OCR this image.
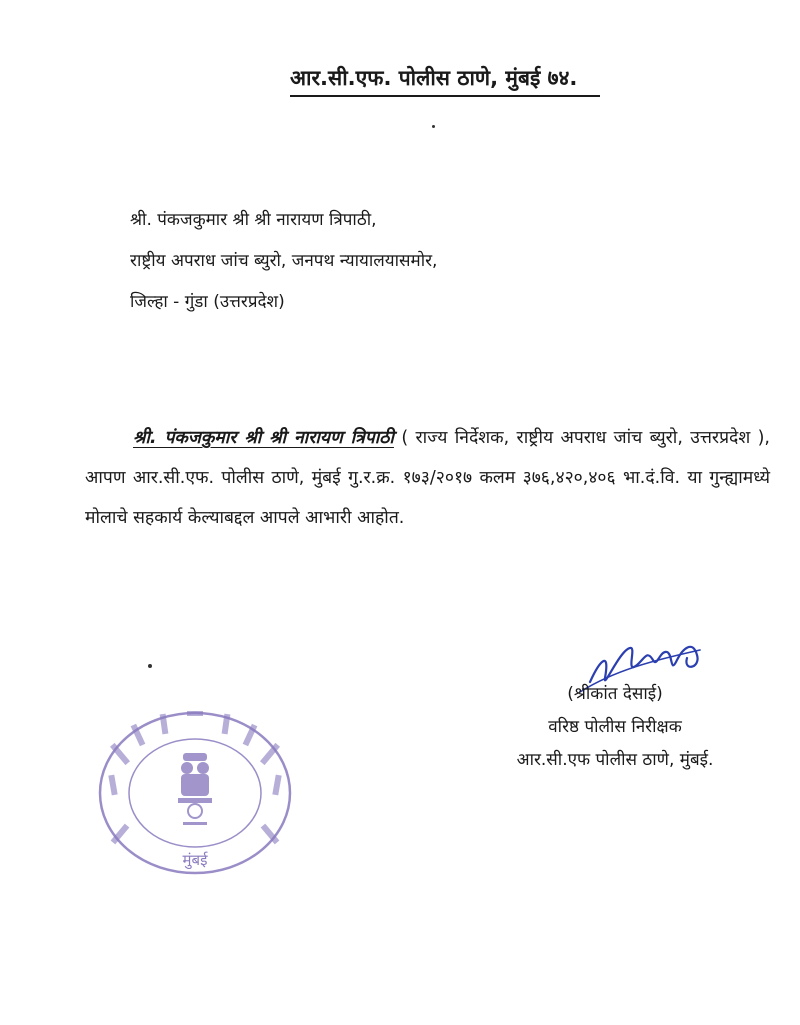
आर.सी.एफ. पोलीस ठाणे, मुंबई ७४.
श्री. पंकजकुमार श्री श्री नारायण त्रिपाठी,
राष्ट्रीय अपराध जांच ब्युरो, जनपथ न्यायालयासमोर,
जिल्हा - गुंडा (उत्तरप्रदेश)
श्री. पंकजकुमार श्री श्री नारायण त्रिपाठी ( राज्य निर्देशक, राष्ट्रीय अपराध जांच ब्युरो, उत्तरप्रदेश ), आपण आर.सी.एफ. पोलीस ठाणे, मुंबई गु.र.क्र. १७३/२०१७ कलम ३७६,४२०,४०६ भा.दं.वि. या गुन्ह्यामध्ये मोलाचे सहकार्य केल्याबद्दल आपले आभारी आहोत.
(श्रीकांत देसाई)
वरिष्ठ पोलीस निरीक्षक
आर.सी.एफ पोलीस ठाणे, मुंबई.
मुंबई
